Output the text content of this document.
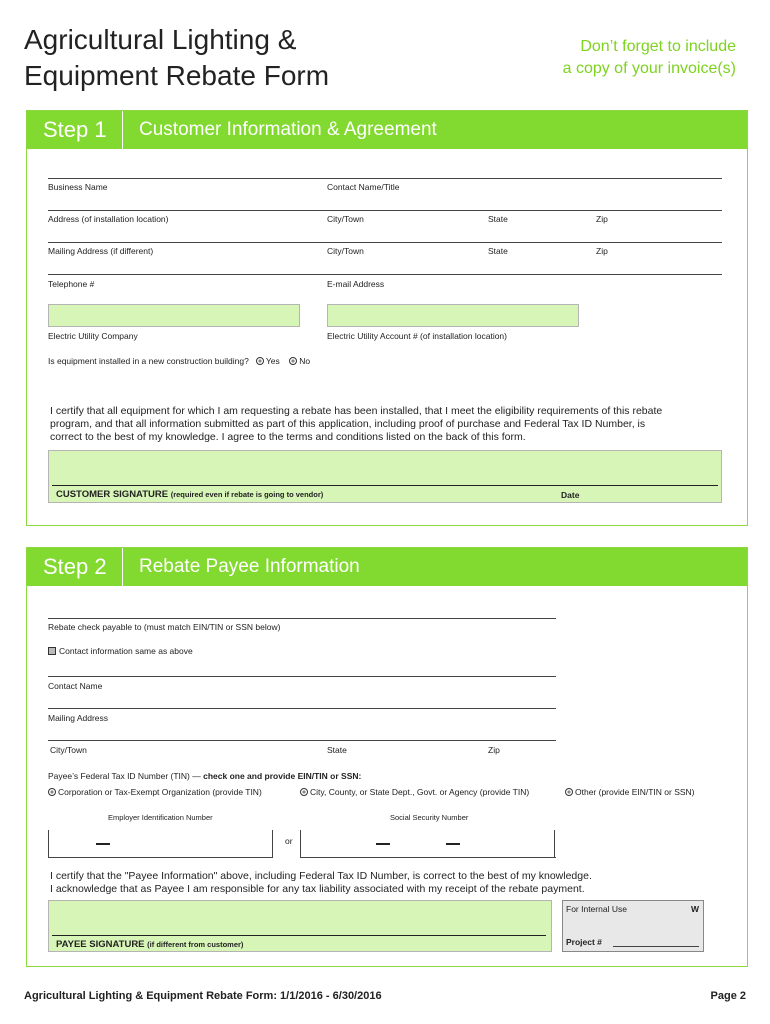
Agricultural Lighting &
Equipment Rebate Form
Don’t forget to include
a copy of your invoice(s)
Step 1	Customer Information & Agreement
Business Name	Contact Name/Title
Address (of installation location)	City/Town	State	Zip
Mailing Address (if different)	City/Town	State	Zip
Telephone #	E-mail Address
Electric Utility Company	Electric Utility Account # (of installation location)
Is equipment installed in a new construction building? Yes No
I certify that all equipment for which I am requesting a rebate has been installed, that I meet the eligibility requirements of this rebate
program, and that all information submitted as part of this application, including proof of purchase and Federal Tax ID Number, is
correct to the best of my knowledge. I agree to the terms and conditions listed on the back of this form.
CUSTOMER SIGNATURE (required even if rebate is going to vendor)	Date
Step 2	Rebate Payee Information
Rebate check payable to (must match EIN/TIN or SSN below)
Contact information same as above
Contact Name
Mailing Address
City/Town	State	Zip
Payee’s Federal Tax ID Number (TIN) — check one and provide EIN/TIN or SSN:
Corporation or Tax-Exempt Organization (provide TIN)	City, County, or State Dept., Govt. or Agency (provide TIN)	Other (provide EIN/TIN or SSN)
Employer Identification Number	Social Security Number
or
I certify that the "Payee Information" above, including Federal Tax ID Number, is correct to the best of my knowledge.
I acknowledge that as Payee I am responsible for any tax liability associated with my receipt of the rebate payment.
PAYEE SIGNATURE (if different from customer)
For Internal Use	W
Project #
Agricultural Lighting & Equipment Rebate Form: 1/1/2016 - 6/30/2016	Page 2
